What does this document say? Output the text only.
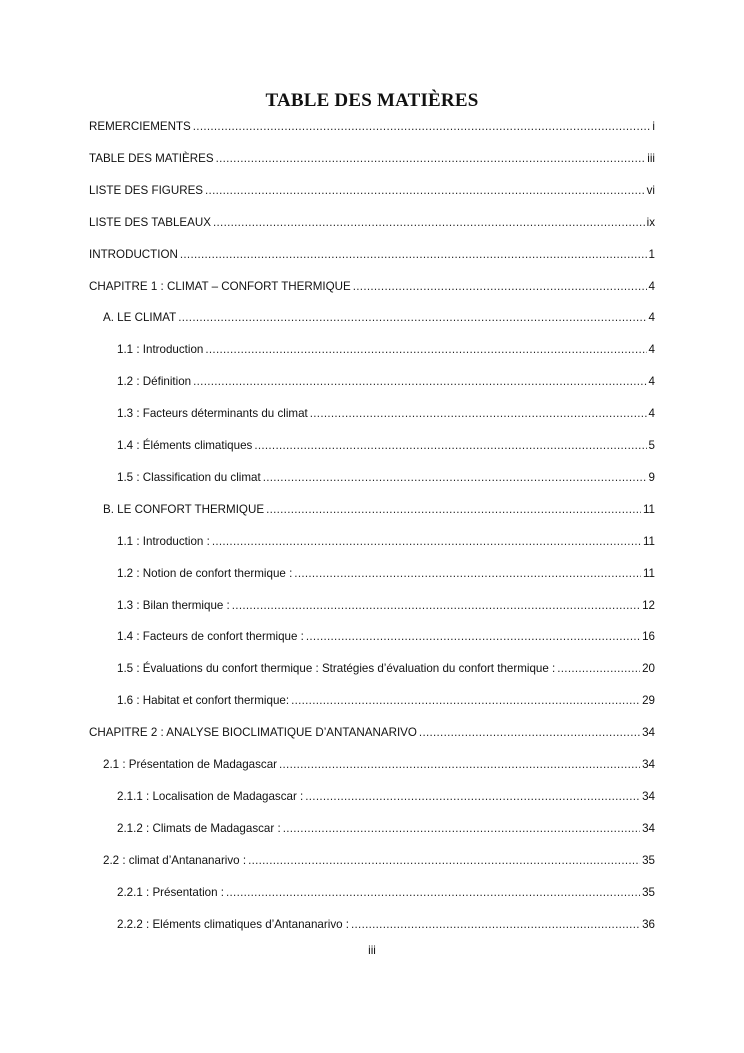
TABLE DES MATIÈRES
REMERCIEMENTS .....	i
TABLE DES MATIÈRES .....	iii
LISTE DES FIGURES .....	vi
LISTE DES TABLEAUX .....	ix
INTRODUCTION .....	1
CHAPITRE 1 : CLIMAT – CONFORT THERMIQUE .....	4
A. LE CLIMAT .....	4
1.1 : Introduction .....	4
1.2 : Définition .....	4
1.3 : Facteurs déterminants du climat .....	4
1.4 : Éléments climatiques .....	5
1.5 : Classification du climat .....	9
B. LE CONFORT THERMIQUE .....	11
1.1 : Introduction : .....	11
1.2 : Notion de confort thermique : .....	11
1.3 : Bilan thermique : .....	12
1.4 : Facteurs de confort thermique : .....	16
1.5 : Évaluations du confort thermique : Stratégies d’évaluation du confort thermique : .....	20
1.6 : Habitat et confort thermique: .....	29
CHAPITRE 2 : ANALYSE BIOCLIMATIQUE D’ANTANANARIVO .....	34
2.1 : Présentation de Madagascar .....	34
2.1.1 : Localisation de Madagascar : .....	34
2.1.2 : Climats de Madagascar : .....	34
2.2 : climat d’Antananarivo : .....	35
2.2.1 : Présentation : .....	35
2.2.2 : Eléments climatiques d’Antananarivo : .....	36
iii
